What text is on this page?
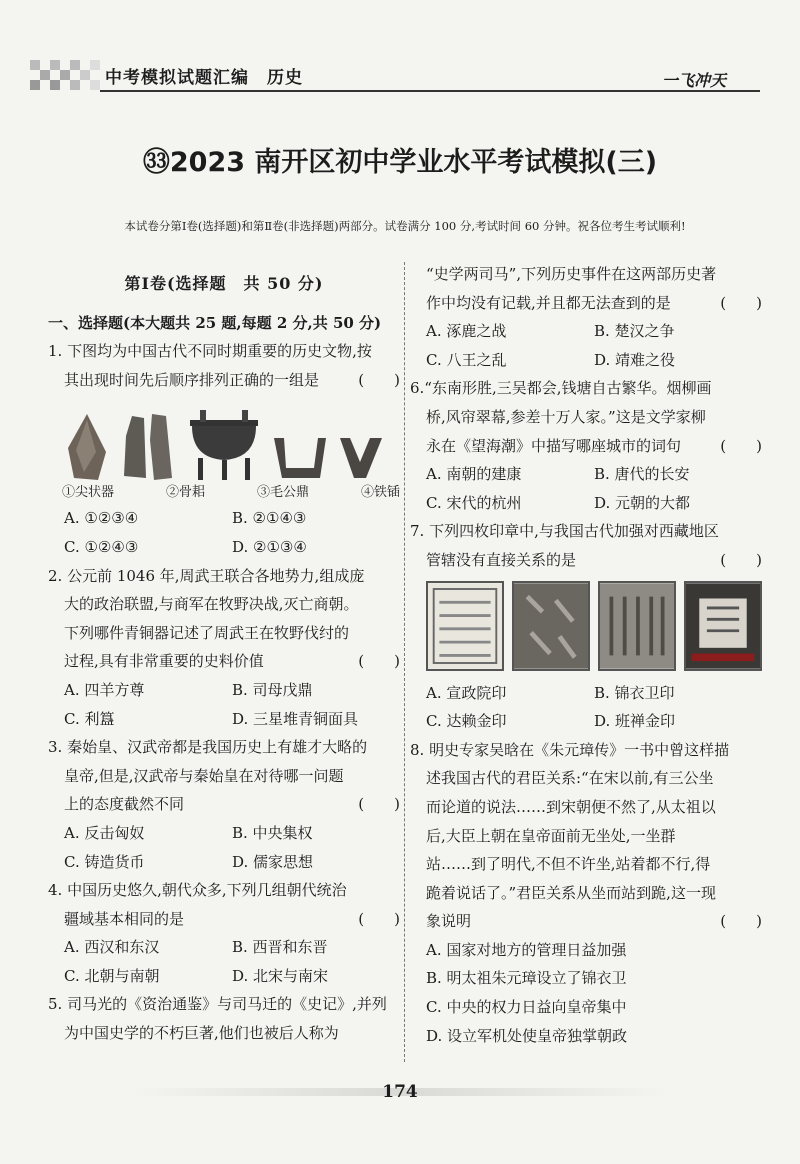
中考模拟试题汇编　历史	一飞冲天
㉝2023 南开区初中学业水平考试模拟(三)
本试卷分第Ⅰ卷(选择题)和第Ⅱ卷(非选择题)两部分。试卷满分 100 分,考试时间 60 分钟。祝各位考生考试顺利!
第Ⅰ卷(选择题　共 50 分)
一、选择题(本大题共 25 题,每题 2 分,共 50 分)
1. 下图均为中国古代不同时期重要的历史文物,按
其出现时间先后顺序排列正确的一组是	(　　)
①尖状器	②骨耜	③毛公鼎	④铁锸
A. ①②③④	B. ②①④③
C. ①②④③	D. ②①③④
2. 公元前 1046 年,周武王联合各地势力,组成庞
大的政治联盟,与商军在牧野决战,灭亡商朝。
下列哪件青铜器记述了周武王在牧野伐纣的
过程,具有非常重要的史料价值	(　　)
A. 四羊方尊	B. 司母戊鼎
C. 利簋	D. 三星堆青铜面具
3. 秦始皇、汉武帝都是我国历史上有雄才大略的
皇帝,但是,汉武帝与秦始皇在对待哪一问题
上的态度截然不同	(　　)
A. 反击匈奴	B. 中央集权
C. 铸造货币	D. 儒家思想
4. 中国历史悠久,朝代众多,下列几组朝代统治
疆域基本相同的是	(　　)
A. 西汉和东汉	B. 西晋和东晋
C. 北朝与南朝	D. 北宋与南宋
5. 司马光的《资治通鉴》与司马迁的《史记》,并列
为中国史学的不朽巨著,他们也被后人称为
“史学两司马”,下列历史事件在这两部历史著
作中均没有记载,并且都无法查到的是	(　　)
A. 涿鹿之战	B. 楚汉之争
C. 八王之乱	D. 靖难之役
6.“东南形胜,三吴都会,钱塘自古繁华。烟柳画
桥,风帘翠幕,参差十万人家。”这是文学家柳
永在《望海潮》中描写哪座城市的词句	(　　)
A. 南朝的建康	B. 唐代的长安
C. 宋代的杭州	D. 元朝的大都
7. 下列四枚印章中,与我国古代加强对西藏地区
管辖没有直接关系的是	(　　)
A. 宣政院印	B. 锦衣卫印
C. 达赖金印	D. 班禅金印
8. 明史专家吴晗在《朱元璋传》一书中曾这样描
述我国古代的君臣关系:“在宋以前,有三公坐
而论道的说法……到宋朝便不然了,从太祖以
后,大臣上朝在皇帝面前无坐处,一坐群
站……到了明代,不但不许坐,站着都不行,得
跪着说话了。”君臣关系从坐而站到跪,这一现
象说明	(　　)
A. 国家对地方的管理日益加强
B. 明太祖朱元璋设立了锦衣卫
C. 中央的权力日益向皇帝集中
D. 设立军机处使皇帝独掌朝政
174
